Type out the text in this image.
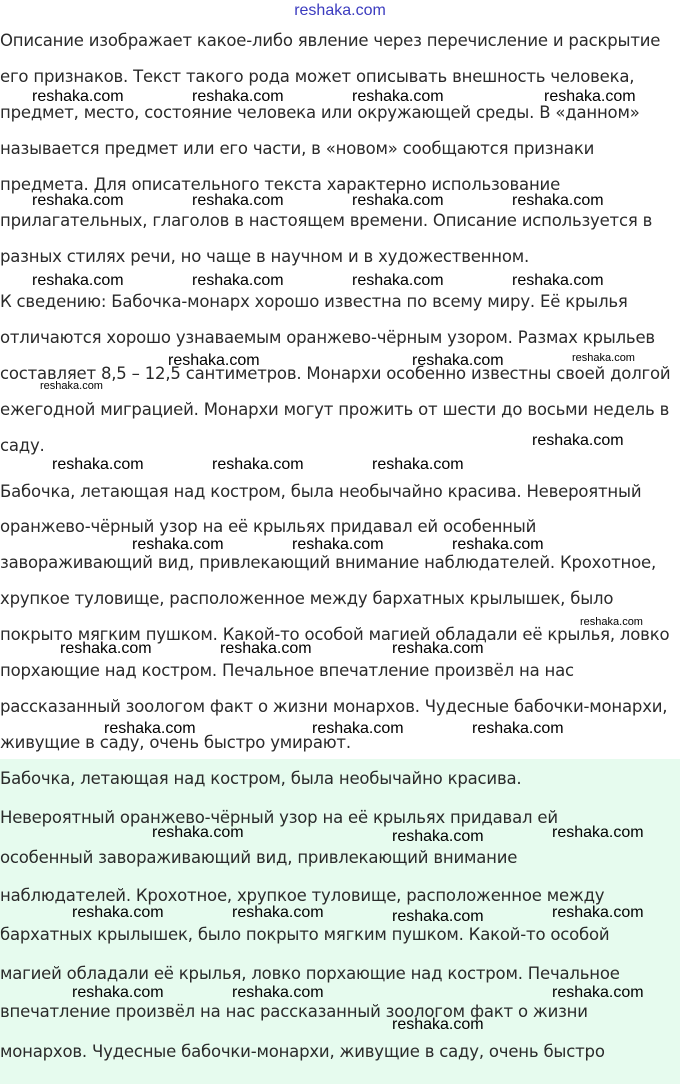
reshaka.com
Описание изображает какое-либо явление через перечисление и раскрытие
его признаков. Текст такого рода может описывать внешность человека,
предмет, место, состояние человека или окружающей среды. В «данном»
называется предмет или его части, в «новом» сообщаются признаки
предмета. Для описательного текста характерно использование
прилагательных, глаголов в настоящем времени. Описание используется в
разных стилях речи, но чаще в научном и в художественном.
К сведению: Бабочка-монарх хорошо известна по всему миру. Её крылья
отличаются хорошо узнаваемым оранжево-чёрным узором. Размах крыльев
составляет 8,5 – 12,5 сантиметров. Монархи особенно известны своей долгой
ежегодной миграцией. Монархи могут прожить от шести до восьми недель в
саду.
Бабочка, летающая над костром, была необычайно красива. Невероятный
оранжево-чёрный узор на её крыльях придавал ей особенный
завораживающий вид, привлекающий внимание наблюдателей. Крохотное,
хрупкое туловище, расположенное между бархатных крылышек, было
покрыто мягким пушком. Какой-то особой магией обладали её крылья, ловко
порхающие над костром. Печальное впечатление произвёл на нас
рассказанный зоологом факт о жизни монархов. Чудесные бабочки-монархи,
живущие в саду, очень быстро умирают.
Бабочка, летающая над костром, была необычайно красива.
Невероятный оранжево-чёрный узор на её крыльях придавал ей
особенный завораживающий вид, привлекающий внимание
наблюдателей. Крохотное, хрупкое туловище, расположенное между
бархатных крылышек, было покрыто мягким пушком. Какой-то особой
магией обладали её крылья, ловко порхающие над костром. Печальное
впечатление произвёл на нас рассказанный зоологом факт о жизни
монархов. Чудесные бабочки-монархи, живущие в саду, очень быстро
reshaka.com	reshaka.com	reshaka.com	reshaka.com
reshaka.com	reshaka.com	reshaka.com	reshaka.com
reshaka.com	reshaka.com	reshaka.com	reshaka.com
reshaka.com	reshaka.com	reshaka.com
reshaka.com
reshaka.com
reshaka.com	reshaka.com	reshaka.com
reshaka.com	reshaka.com	reshaka.com
reshaka.com
reshaka.com	reshaka.com	reshaka.com
reshaka.com	reshaka.com	reshaka.com
reshaka.com	reshaka.com	reshaka.com
reshaka.com	reshaka.com	reshaka.com	reshaka.com
reshaka.com	reshaka.com	reshaka.com
reshaka.com
